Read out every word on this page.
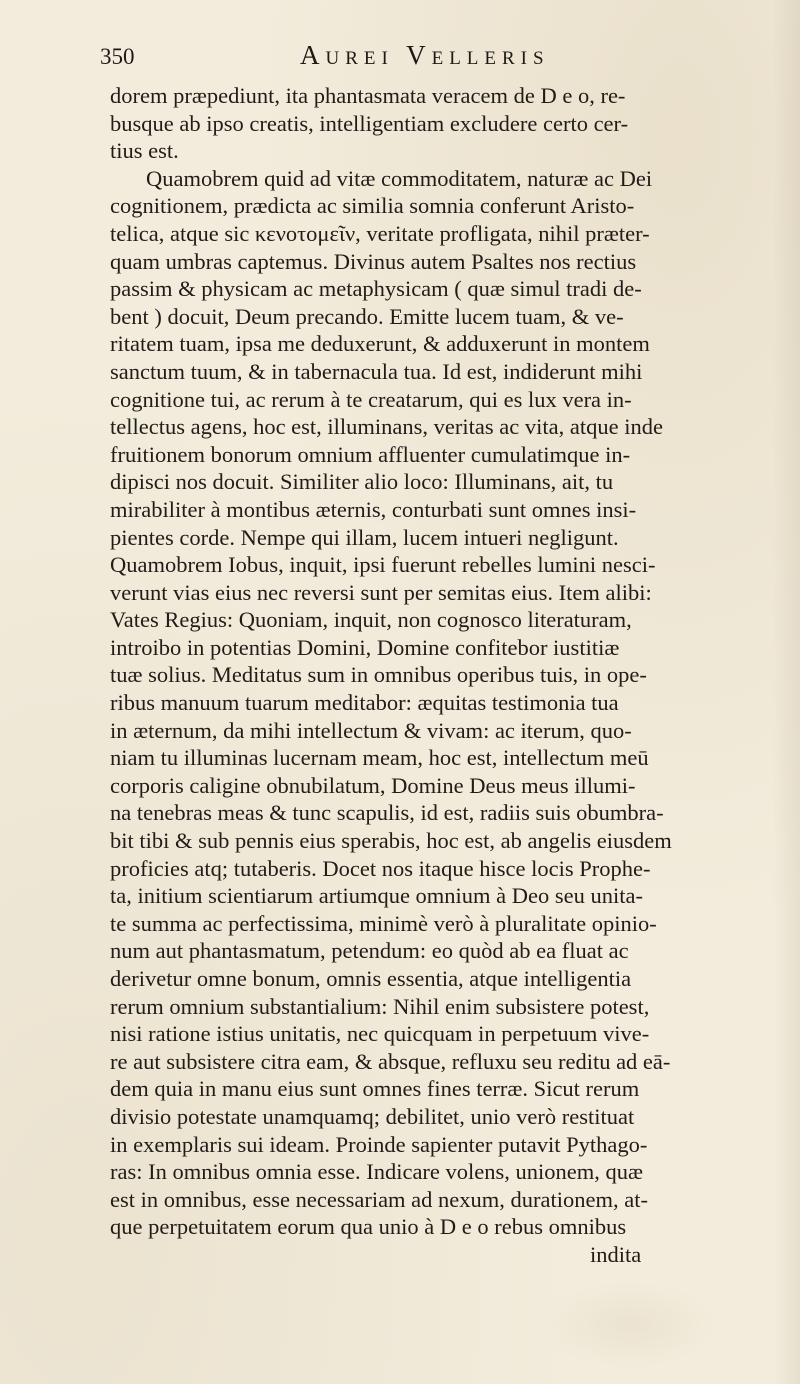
350	Aurei Velleris
dorem præpediunt, ita phantasmata veracem de D e o, re-
busque ab ipso creatis, intelligentiam excludere certo cer-
tius est.
Quamobrem quid ad vitæ commoditatem, naturæ ac Dei
cognitionem, prædicta ac similia somnia conferunt Aristo-
telica, atque sic κενοτομεῖν, veritate profligata, nihil præter-
quam umbras captemus. Divinus autem Psaltes nos rectius
passim & physicam ac metaphysicam ( quæ simul tradi de-
bent ) docuit, Deum precando. Emitte lucem tuam, & ve-
ritatem tuam, ipsa me deduxerunt, & adduxerunt in montem
sanctum tuum, & in tabernacula tua. Id est, indiderunt mihi
cognitione tui, ac rerum à te creatarum, qui es lux vera in-
tellectus agens, hoc est, illuminans, veritas ac vita, atque inde
fruitionem bonorum omnium affluenter cumulatimque in-
dipisci nos docuit. Similiter alio loco: Illuminans, ait, tu
mirabiliter à montibus æternis, conturbati sunt omnes insi-
pientes corde. Nempe qui illam, lucem intueri negligunt.
Quamobrem Iobus, inquit, ipsi fuerunt rebelles lumini nesci-
verunt vias eius nec reversi sunt per semitas eius. Item alibi:
Vates Regius: Quoniam, inquit, non cognosco literaturam,
introibo in potentias Domini, Domine confitebor iustitiæ
tuæ solius. Meditatus sum in omnibus operibus tuis, in ope-
ribus manuum tuarum meditabor: æquitas testimonia tua
in æternum, da mihi intellectum & vivam: ac iterum, quo-
niam tu illuminas lucernam meam, hoc est, intellectum meū
corporis caligine obnubilatum, Domine Deus meus illumi-
na tenebras meas & tunc scapulis, id est, radiis suis obumbra-
bit tibi & sub pennis eius sperabis, hoc est, ab angelis eiusdem
proficies atq; tutaberis. Docet nos itaque hisce locis Prophe-
ta, initium scientiarum artiumque omnium à Deo seu unita-
te summa ac perfectissima, minimè verò à pluralitate opinio-
num aut phantasmatum, petendum: eo quòd ab ea fluat ac
derivetur omne bonum, omnis essentia, atque intelligentia
rerum omnium substantialium: Nihil enim subsistere potest,
nisi ratione istius unitatis, nec quicquam in perpetuum vive-
re aut subsistere citra eam, & absque, refluxu seu reditu ad eā-
dem quia in manu eius sunt omnes fines terræ. Sicut rerum
divisio potestate unamquamq; debilitet, unio verò restituat
in exemplaris sui ideam. Proinde sapienter putavit Pythago-
ras: In omnibus omnia esse. Indicare volens, unionem, quæ
est in omnibus, esse necessariam ad nexum, durationem, at-
que perpetuitatem eorum qua unio à D e o rebus omnibus
indita
